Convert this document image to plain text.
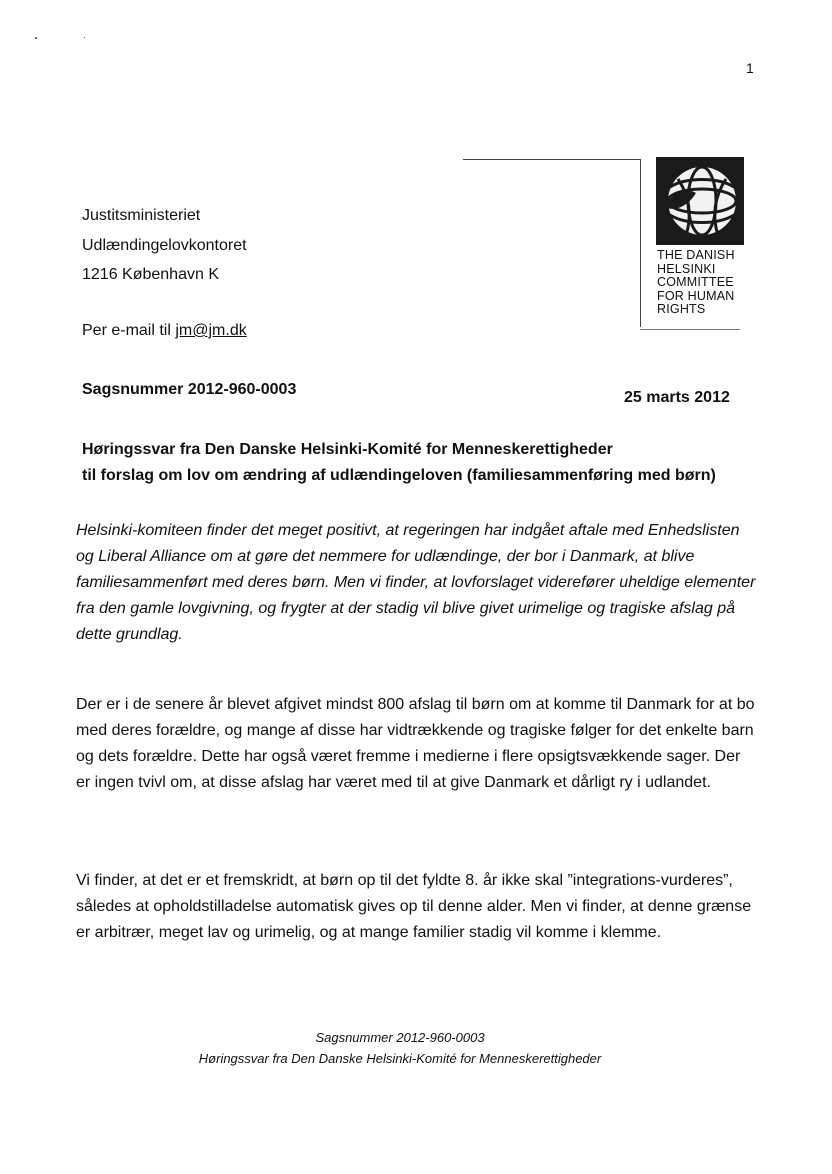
1
Justitsministeriet
Udlændingelovkontoret
1216 København K
Per e-mail til jm@jm.dk
THE DANISH
HELSINKI
COMMITTEE
FOR HUMAN
RIGHTS
Sagsnummer 2012-960-0003	25 marts 2012
Høringssvar fra Den Danske Helsinki-Komité for Menneskerettigheder
til forslag om lov om ændring af udlændingeloven (familiesammenføring med børn)

Helsinki-komiteen finder det meget positivt, at regeringen har indgået aftale med Enhedslisten og Liberal Alliance om at gøre det nemmere for udlændinge, der bor i Danmark, at blive familiesammenført med deres børn. Men vi finder, at lovforslaget viderefører uheldige elementer fra den gamle lovgivning, og frygter at der stadig vil blive givet urimelige og tragiske afslag på dette grundlag.

Der er i de senere år blevet afgivet mindst 800 afslag til børn om at komme til Danmark for at bo med deres forældre, og mange af disse har vidtrækkende og tragiske følger for det enkelte barn og dets forældre. Dette har også været fremme i medierne i flere opsigtsvækkende sager. Der er ingen tvivl om, at disse afslag har været med til at give Danmark et dårligt ry i udlandet.

Vi finder, at det er et fremskridt, at børn op til det fyldte 8. år ikke skal ”integrations-vurderes”, således at opholdstilladelse automatisk gives op til denne alder. Men vi finder, at denne grænse er arbitrær, meget lav og urimelig, og at mange familier stadig vil komme i klemme.

Sagsnummer 2012-960-0003
Høringssvar fra Den Danske Helsinki-Komité for Menneskerettigheder
